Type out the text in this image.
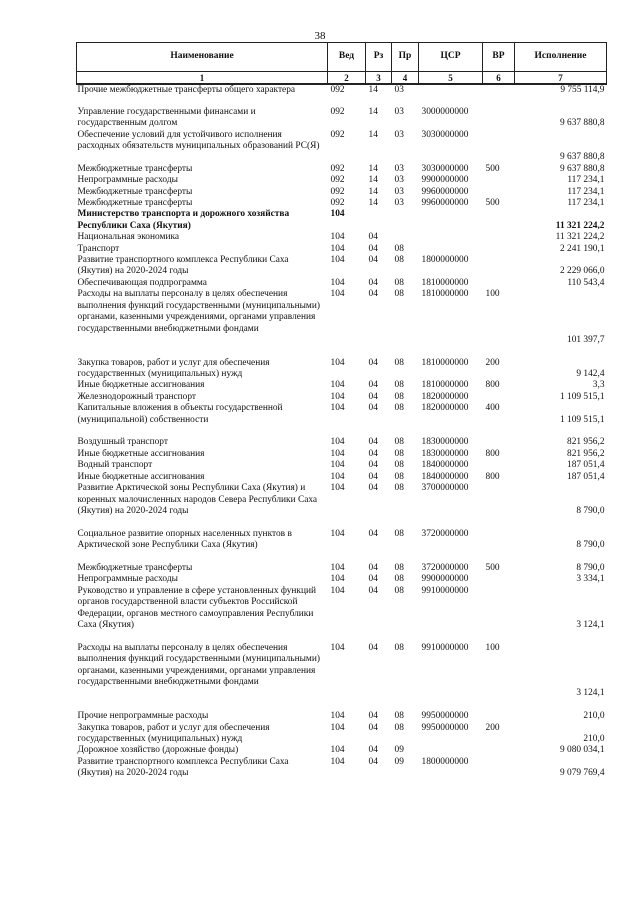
38
Наименование	Вед	Рз	Пр	ЦСР	ВР	Исполнение
1	2	3	4	5	6	7
Прочие межбюджетные трансферты общего характера	092	14	03			9 755 114,9
Управление государственными финансами и государственным долгом	092	14	03	3000000000		9 637 880,8
Обеспечение условий для устойчивого исполнения расходных обязательств муниципальных образований РС(Я)	092	14	03	3030000000		9 637 880,8
Межбюджетные трансферты	092	14	03	3030000000	500	9 637 880,8
Непрограммные расходы	092	14	03	9900000000		117 234,1
Межбюджетные трансферты	092	14	03	9960000000		117 234,1
Межбюджетные трансферты	092	14	03	9960000000	500	117 234,1
Министерство транспорта и дорожного хозяйства Республики Саха (Якутия)	104					11 321 224,2
Национальная экономика	104	04				11 321 224,2
Транспорт	104	04	08			2 241 190,1
Развитие транспортного комплекса Республики Саха (Якутия) на 2020-2024 годы	104	04	08	1800000000		2 229 066,0
Обеспечивающая подпрограмма	104	04	08	1810000000		110 543,4
Расходы на выплаты персоналу в целях обеспечения выполнения функций государственными (муниципальными) органами, казенными учреждениями, органами управления государственными внебюджетными фондами	104	04	08	1810000000	100	101 397,7
Закупка товаров, работ и услуг для обеспечения государственных (муниципальных) нужд	104	04	08	1810000000	200	9 142,4
Иные бюджетные ассигнования	104	04	08	1810000000	800	3,3
Железнодорожный транспорт	104	04	08	1820000000		1 109 515,1
Капитальные вложения в объекты государственной (муниципальной) собственности	104	04	08	1820000000	400	1 109 515,1
Воздушный транспорт	104	04	08	1830000000		821 956,2
Иные бюджетные ассигнования	104	04	08	1830000000	800	821 956,2
Водный транспорт	104	04	08	1840000000		187 051,4
Иные бюджетные ассигнования	104	04	08	1840000000	800	187 051,4
Развитие Арктической зоны Республики Саха (Якутия) и коренных малочисленных народов Севера Республики Саха (Якутия) на 2020-2024 годы	104	04	08	3700000000		8 790,0
Социальное развитие опорных населенных пунктов в Арктической зоне Республики Саха (Якутия)	104	04	08	3720000000		8 790,0
Межбюджетные трансферты	104	04	08	3720000000	500	8 790,0
Непрограммные расходы	104	04	08	9900000000		3 334,1
Руководство и управление в сфере установленных функций органов государственной власти субъектов Российской Федерации, органов местного самоуправления Республики Саха (Якутия)	104	04	08	9910000000		3 124,1
Расходы на выплаты персоналу в целях обеспечения выполнения функций государственными (муниципальными) органами, казенными учреждениями, органами управления государственными внебюджетными фондами	104	04	08	9910000000	100	3 124,1
Прочие непрограммные расходы	104	04	08	9950000000		210,0
Закупка товаров, работ и услуг для обеспечения государственных (муниципальных) нужд	104	04	08	9950000000	200	210,0
Дорожное хозяйство (дорожные фонды)	104	04	09			9 080 034,1
Развитие транспортного комплекса Республики Саха (Якутия) на 2020-2024 годы	104	04	09	1800000000		9 079 769,4
